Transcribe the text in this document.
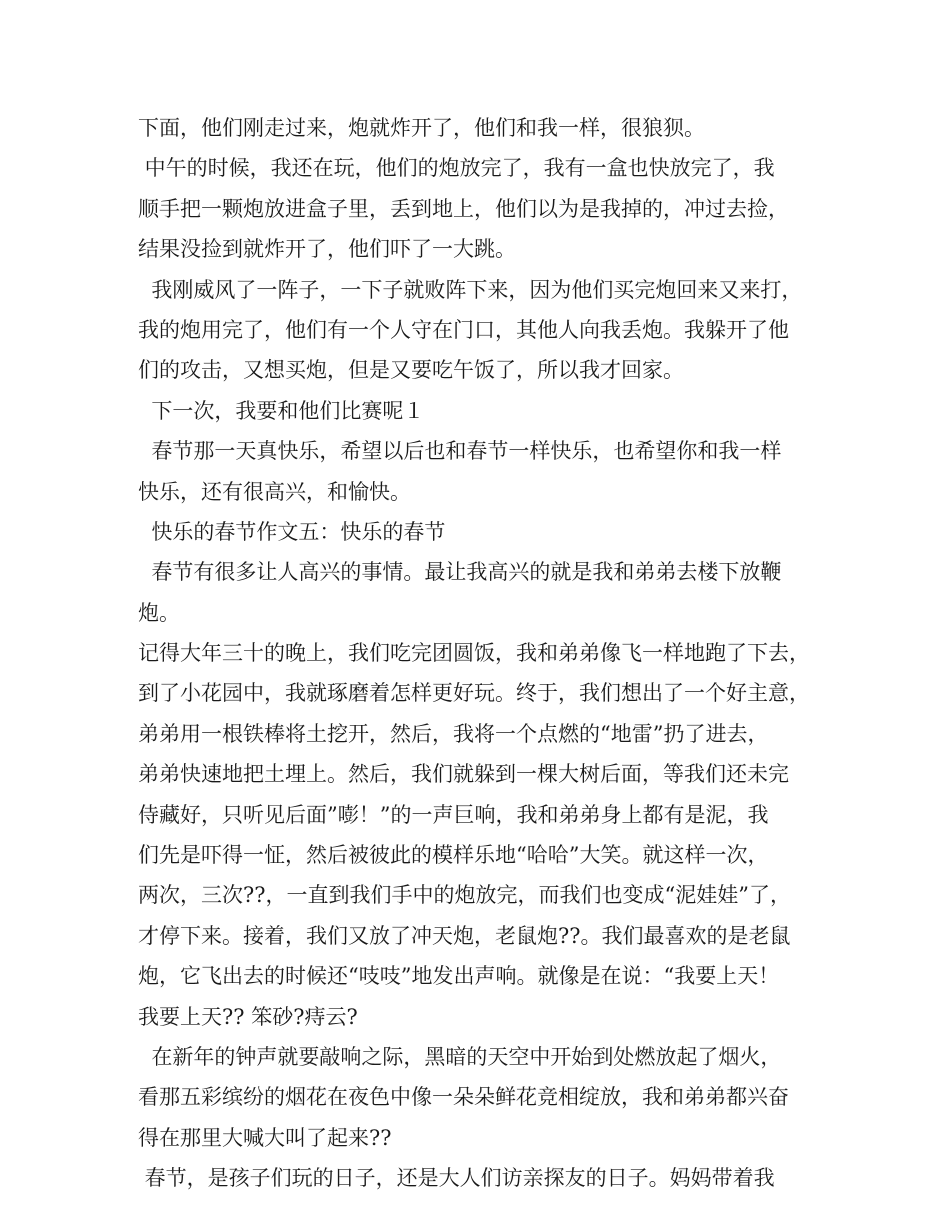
下面，他们刚走过来，炮就炸开了，他们和我一样，很狼狈。
中午的时候，我还在玩，他们的炮放完了，我有一盒也快放完了，我
顺手把一颗炮放进盒子里，丢到地上，他们以为是我掉的，冲过去捡，
结果没捡到就炸开了，他们吓了一大跳。
我刚威风了一阵子，一下子就败阵下来，因为他们买完炮回来又来打，
我的炮用完了，他们有一个人守在门口，其他人向我丢炮。我躲开了他
们的攻击，又想买炮，但是又要吃午饭了，所以我才回家。
下一次，我要和他们比赛呢１
春节那一天真快乐，希望以后也和春节一样快乐，也希望你和我一样
快乐，还有很高兴，和愉快。
快乐的春节作文五：快乐的春节
春节有很多让人高兴的事情。最让我高兴的就是我和弟弟去楼下放鞭
炮。
记得大年三十的晚上，我们吃完团圆饭，我和弟弟像飞一样地跑了下去，
到了小花园中，我就琢磨着怎样更好玩。终于，我们想出了一个好主意，
弟弟用一根铁棒将土挖开，然后，我将一个点燃的“地雷”扔了进去，
弟弟快速地把土埋上。然后，我们就躲到一棵大树后面，等我们还未完
侍藏好，只听见后面”嘭！”的一声巨响，我和弟弟身上都有是泥，我
们先是吓得一怔，然后被彼此的模样乐地“哈哈”大笑。就这样一次，
两次，三次??，一直到我们手中的炮放完，而我们也变成“泥娃娃”了，
才停下来。接着，我们又放了冲天炮，老鼠炮??。我们最喜欢的是老鼠
炮，它飞出去的时候还“吱吱”地发出声响。就像是在说：“我要上天！
我要上天?? 笨砂?痔云?
在新年的钟声就要敲响之际，黑暗的天空中开始到处燃放起了烟火，
看那五彩缤纷的烟花在夜色中像一朵朵鲜花竞相绽放，我和弟弟都兴奋
得在那里大喊大叫了起来??
春节，是孩子们玩的日子，还是大人们访亲探友的日子。妈妈带着我
